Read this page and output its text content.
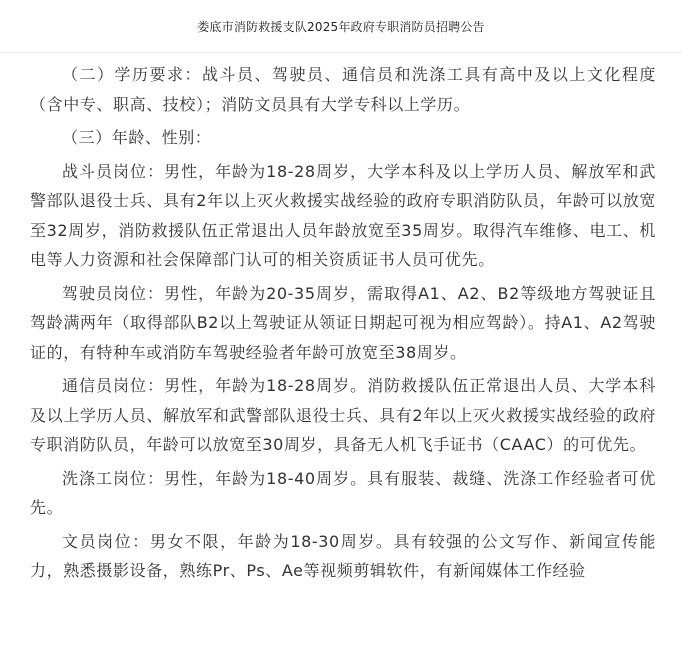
娄底市消防救援支队2025年政府专职消防员招聘公告

（二）学历要求：战斗员、驾驶员、通信员和洗涤工具有高中及以上文化程度（含中专、职高、技校）；消防文员具有大学专科以上学历。

（三）年龄、性别：

战斗员岗位：男性，年龄为18-28周岁，大学本科及以上学历人员、解放军和武警部队退役士兵、具有2年以上灭火救援实战经验的政府专职消防队员，年龄可以放宽至32周岁，消防救援队伍正常退出人员年龄放宽至35周岁。取得汽车维修、电工、机电等人力资源和社会保障部门认可的相关资质证书人员可优先。

驾驶员岗位：男性，年龄为20-35周岁，需取得A1、A2、B2等级地方驾驶证且驾龄满两年（取得部队B2以上驾驶证从领证日期起可视为相应驾龄）。持A1、A2驾驶证的，有特种车或消防车驾驶经验者年龄可放宽至38周岁。

通信员岗位：男性，年龄为18-28周岁。消防救援队伍正常退出人员、大学本科及以上学历人员、解放军和武警部队退役士兵、具有2年以上灭火救援实战经验的政府专职消防队员，年龄可以放宽至30周岁，具备无人机飞手证书（CAAC）的可优先。

洗涤工岗位：男性，年龄为18-40周岁。具有服装、裁缝、洗涤工作经验者可优先。

文员岗位：男女不限，年龄为18-30周岁。具有较强的公文写作、新闻宣传能力，熟悉摄影设备，熟练Pr、Ps、Ae等视频剪辑软件，有新闻媒体工作经验
